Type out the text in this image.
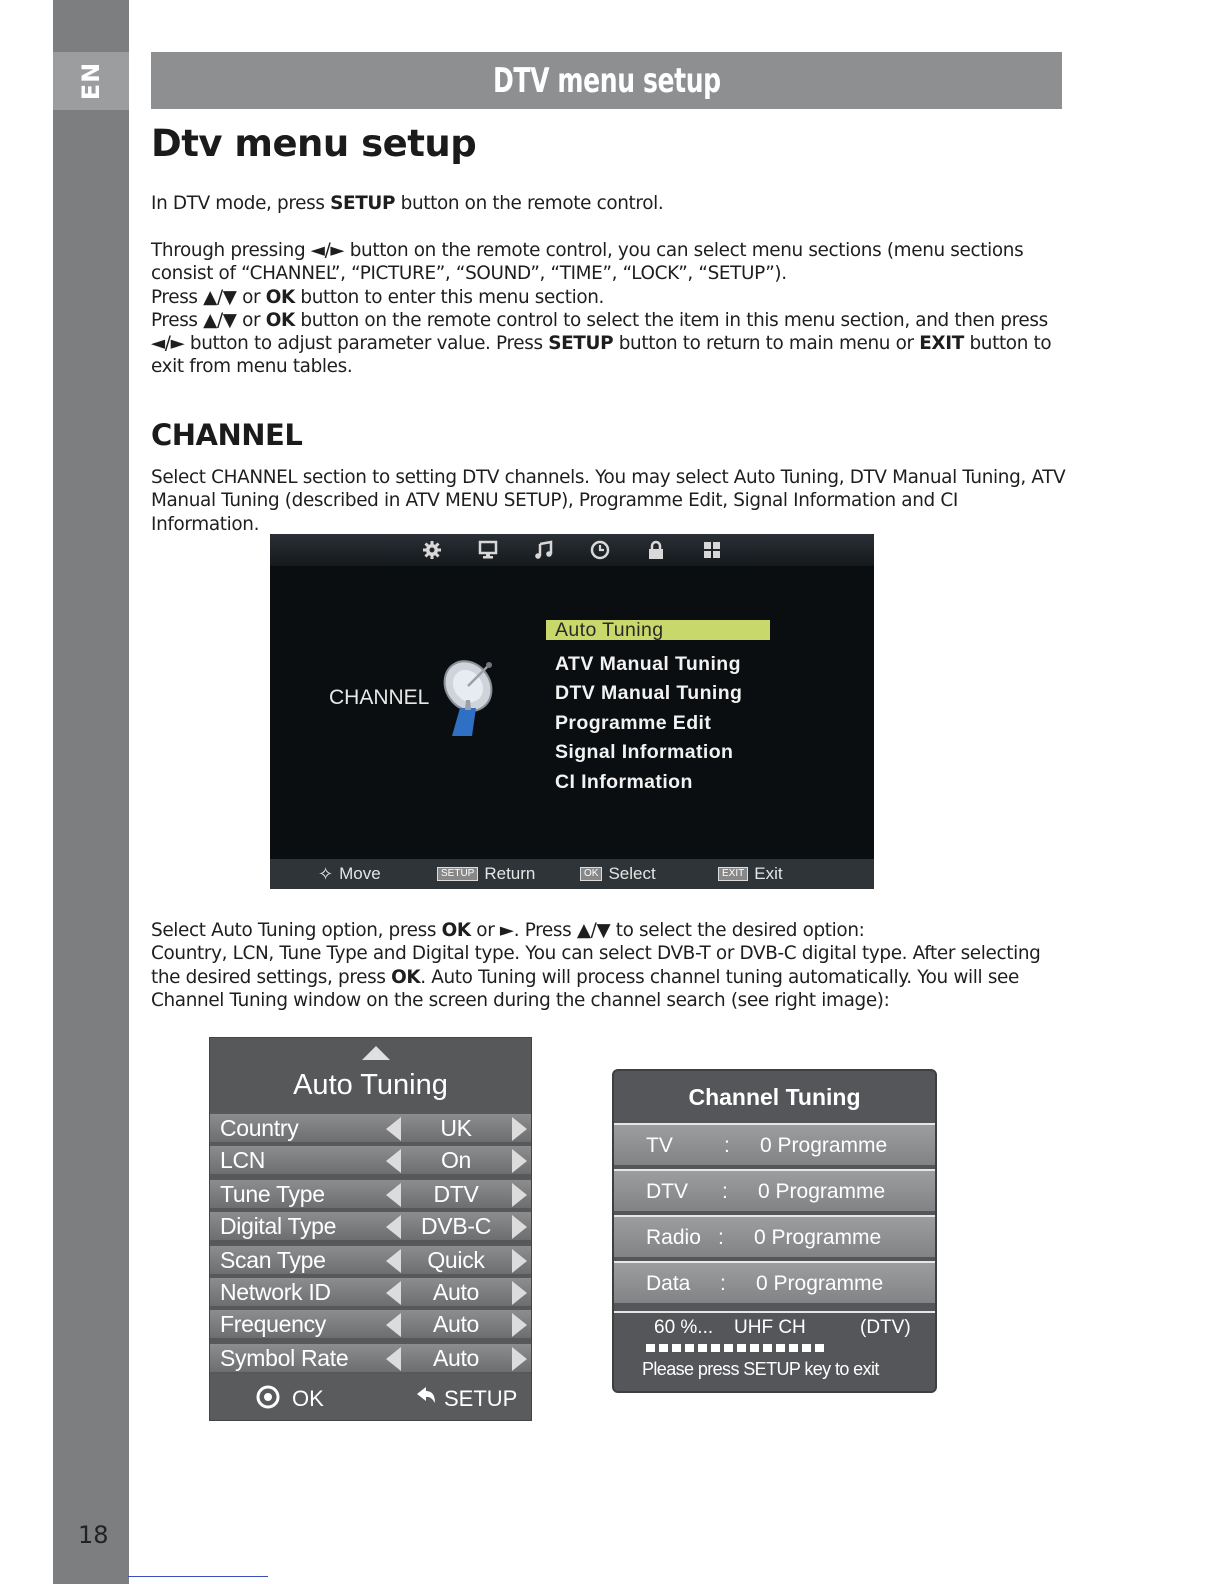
EN
18
DTV menu setup
Dtv menu setup
In DTV mode, press SETUP button on the remote control.
Through pressing ◄/► button on the remote control, you can select menu sections (menu sections consist of “CHANNEL”, “PICTURE”, “SOUND”, “TIME”, “LOCK”, “SETUP”).
Press ▲/▼ or OK button to enter this menu section.
Press ▲/▼ or OK button on the remote control to select the item in this menu section, and then press ◄/► button to adjust parameter value. Press SETUP button to return to main menu or EXIT button to exit from menu tables.
CHANNEL
Select CHANNEL section to setting DTV channels. You may select Auto Tuning, DTV Manual Tuning, ATV Manual Tuning (described in ATV MENU SETUP), Programme Edit, Signal Information and CI Information.
CHANNEL
Auto Tuning
ATV Manual Tuning
DTV Manual Tuning
Programme Edit
Signal Information
CI Information
✧ Move	SETUP Return	OK Select	EXIT Exit
Select Auto Tuning option, press OK or ►. Press ▲/▼ to select the desired option:
Country, LCN, Tune Type and Digital type. You can select DVB-T or DVB-C digital type. After selecting the desired settings, press OK. Auto Tuning will process channel tuning automatically. You will see Channel Tuning window on the screen during the channel search (see right image):
Auto Tuning
Country	UK
LCN	On
Tune Type	DTV
Digital Type	DVB-C
Scan Type	Quick
Network ID	Auto
Frequency	Auto
Symbol Rate	Auto
OK	SETUP
Channel Tuning
TV : 0 Programme
DTV : 0 Programme
Radio : 0 Programme
Data : 0 Programme
60 %... UHF CH	(DTV)
Please press SETUP key to exit
